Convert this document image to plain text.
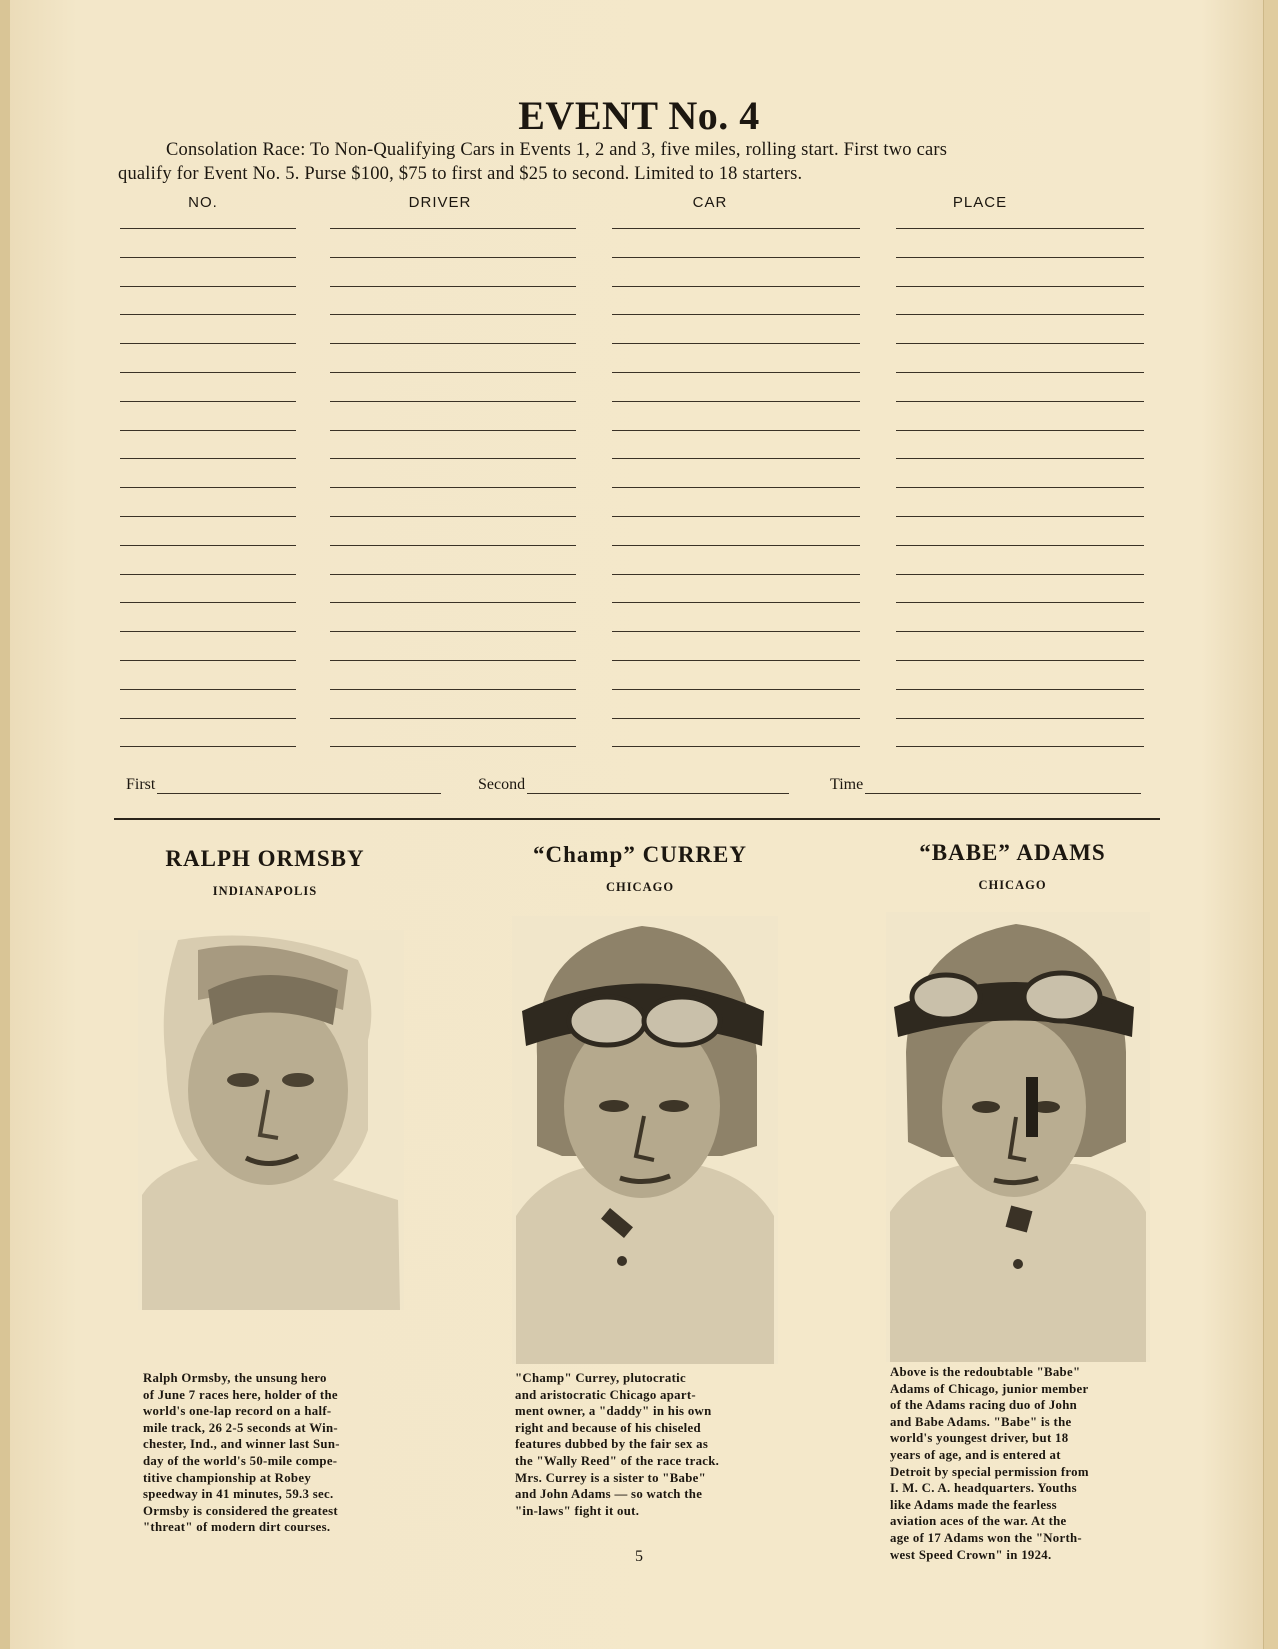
EVENT No. 4
Consolation Race: To Non-Qualifying Cars in Events 1, 2 and 3, five miles, rolling start. First two cars
qualify for Event No. 5. Purse $100, $75 to first and $25 to second. Limited to 18 starters.
NO.	DRIVER	CAR	PLACE
First	Second	Time
RALPH ORMSBY
INDIANAPOLIS
Ralph Ormsby, the unsung hero
of June 7 races here, holder of the
world's one-lap record on a half-
mile track, 26 2-5 seconds at Win-
chester, Ind., and winner last Sun-
day of the world's 50-mile compe-
titive championship at Robey
speedway in 41 minutes, 59.3 sec.
Ormsby is considered the greatest
"threat" of modern dirt courses.
“Champ” CURREY
CHICAGO
"Champ" Currey, plutocratic
and aristocratic Chicago apart-
ment owner, a "daddy" in his own
right and because of his chiseled
features dubbed by the fair sex as
the "Wally Reed" of the race track.
Mrs. Currey is a sister to "Babe"
and John Adams — so watch the
"in-laws" fight it out.
“BABE” ADAMS
CHICAGO
Above is the redoubtable "Babe"
Adams of Chicago, junior member
of the Adams racing duo of John
and Babe Adams. "Babe" is the
world's youngest driver, but 18
years of age, and is entered at
Detroit by special permission from
I. M. C. A. headquarters. Youths
like Adams made the fearless
aviation aces of the war. At the
age of 17 Adams won the "North-
west Speed Crown" in 1924.
5
